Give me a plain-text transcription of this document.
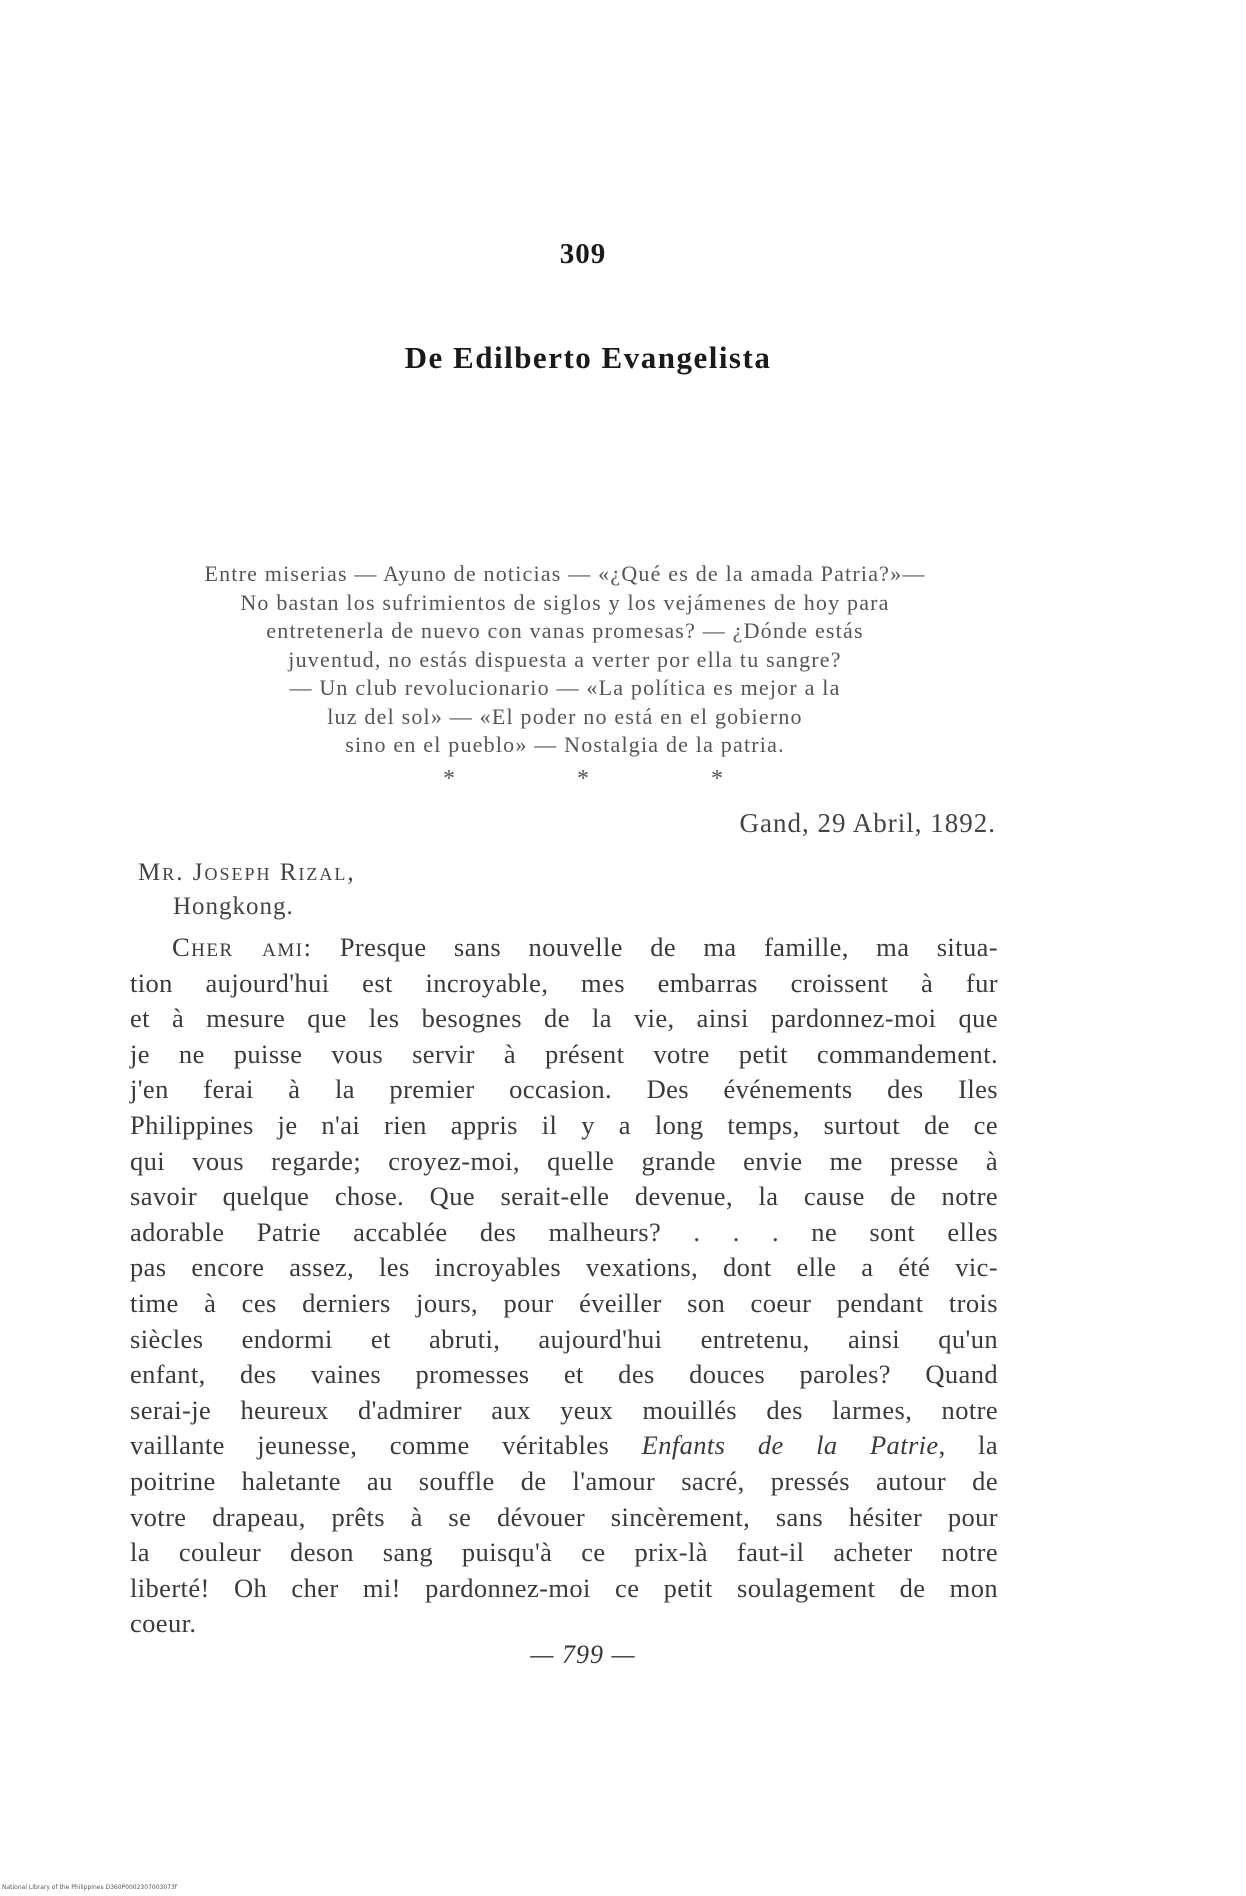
309
De Edilberto Evangelista
Entre miserias — Ayuno de noticias — «¿Qué es de la amada Patria?»—
No bastan los sufrimientos de siglos y los vejámenes de hoy para
entretenerla de nuevo con vanas promesas? — ¿Dónde estás
juventud, no estás dispuesta a verter por ella tu sangre?
— Un club revolucionario — «La política es mejor a la
luz del sol» — «El poder no está en el gobierno
sino en el pueblo» — Nostalgia de la patria.
* * *
Gand, 29 Abril, 1892.
Mr. Joseph Rizal,
Hongkong.
Cher ami: Presque sans nouvelle de ma famille, ma situa-
tion aujourd'hui est incroyable, mes embarras croissent à fur
et à mesure que les besognes de la vie, ainsi pardonnez-moi que
je ne puisse vous servir à présent votre petit commandement.
j'en ferai à la premier occasion. Des événements des Iles
Philippines je n'ai rien appris il y a long temps, surtout de ce
qui vous regarde; croyez-moi, quelle grande envie me presse à
savoir quelque chose. Que serait-elle devenue, la cause de notre
adorable Patrie accablée des malheurs? . . . ne sont elles
pas encore assez, les incroyables vexations, dont elle a été vic-
time à ces derniers jours, pour éveiller son coeur pendant trois
siècles endormi et abruti, aujourd'hui entretenu, ainsi qu'un
enfant, des vaines promesses et des douces paroles? Quand
serai-je heureux d'admirer aux yeux mouillés des larmes, notre
vaillante jeunesse, comme véritables Enfants de la Patrie, la
poitrine haletante au souffle de l'amour sacré, pressés autour de
votre drapeau, prêts à se dévouer sincèrement, sans hésiter pour
la couleur deson sang puisqu'à ce prix-là faut-il acheter notre
liberté! Oh cher mi! pardonnez-moi ce petit soulagement de mon
coeur.
— 799 —
National Library of the Philippines D360P0002307003073f
